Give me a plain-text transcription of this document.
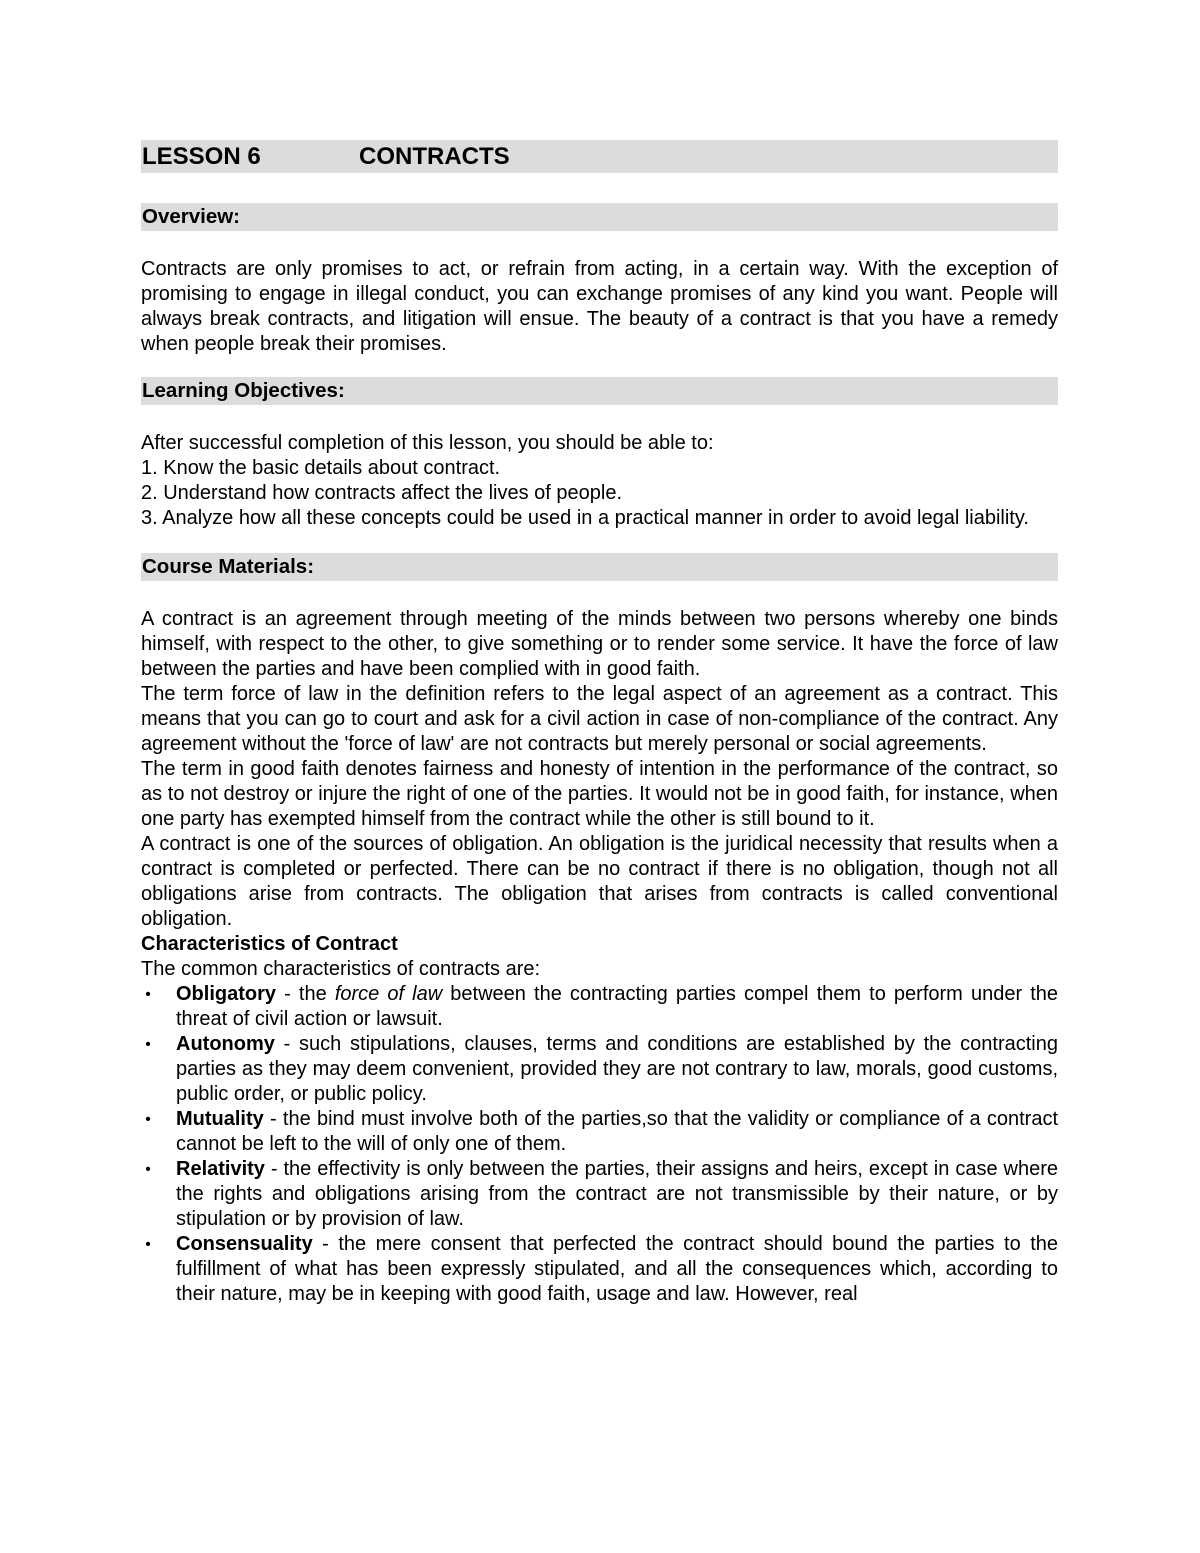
LESSON 6	CONTRACTS
Overview:

Contracts are only promises to act, or refrain from acting, in a certain way. With the exception of promising to engage in illegal conduct, you can exchange promises of any kind you want. People will always break contracts, and litigation will ensue. The beauty of a contract is that you have a remedy when people break their promises.

Learning Objectives:

After successful completion of this lesson, you should be able to:

1. Know the basic details about contract.

2. Understand how contracts affect the lives of people.

3. Analyze how all these concepts could be used in a practical manner in order to avoid legal liability.

Course Materials:

A contract is an agreement through meeting of the minds between two persons whereby one binds himself, with respect to the other, to give something or to render some service. It have the force of law between the parties and have been complied with in good faith.

The term force of law in the definition refers to the legal aspect of an agreement as a contract. This means that you can go to court and ask for a civil action in case of non-compliance of the contract. Any agreement without the 'force of law' are not contracts but merely personal or social agreements.

The term in good faith denotes fairness and honesty of intention in the performance of the contract, so as to not destroy or injure the right of one of the parties. It would not be in good faith, for instance, when one party has exempted himself from the contract while the other is still bound to it.

A contract is one of the sources of obligation. An obligation is the juridical necessity that results when a contract is completed or perfected. There can be no contract if there is no obligation, though not all obligations arise from contracts. The obligation that arises from contracts is called conventional obligation.

Characteristics of Contract

The common characteristics of contracts are:

• Obligatory - the force of law between the contracting parties compel them to perform under the threat of civil action or lawsuit.
• Autonomy - such stipulations, clauses, terms and conditions are established by the contracting parties as they may deem convenient, provided they are not contrary to law, morals, good customs, public order, or public policy.
• Mutuality - the bind must involve both of the parties,so that the validity or compliance of a contract cannot be left to the will of only one of them.
• Relativity - the effectivity is only between the parties, their assigns and heirs, except in case where the rights and obligations arising from the contract are not transmissible by their nature, or by stipulation or by provision of law.
• Consensuality - the mere consent that perfected the contract should bound the parties to the fulfillment of what has been expressly stipulated, and all the consequences which, according to their nature, may be in keeping with good faith, usage and law. However, real
